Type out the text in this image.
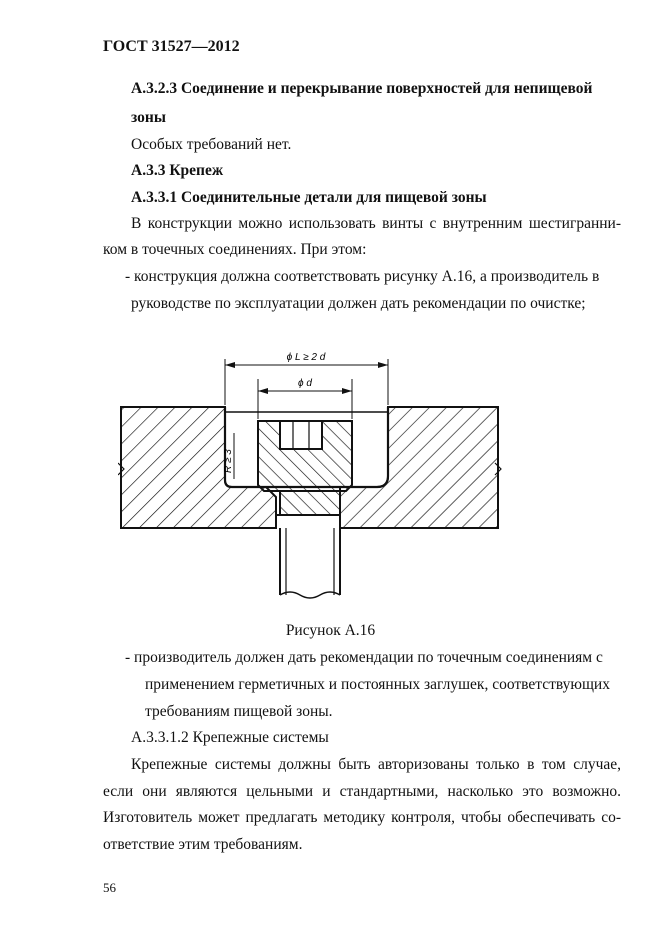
ГОСТ 31527—2012
А.3.2.3 Соединение и перекрывание поверхностей для непищевой
зоны
Особых требований нет.
А.3.3 Крепеж
А.3.3.1 Соединительные детали для пищевой зоны
В конструкции можно использовать винты с внутренним шестигранни-
ком в точечных соединениях. При этом:
- конструкция должна соответствовать рисунку А.16, а производитель в
руководстве по эксплуатации должен дать рекомендации по очистке;
ϕ L ≥ 2 d
ϕ d
R ≥ 3
Рисунок А.16
- производитель должен дать рекомендации по точечным соединениям с
применением герметичных и постоянных заглушек, соответствующих
требованиям пищевой зоны.
А.3.3.1.2 Крепежные системы
Крепежные системы должны быть авторизованы только в том случае,
если они являются цельными и стандартными, насколько это возможно.
Изготовитель может предлагать методику контроля, чтобы обеспечивать со-
ответствие этим требованиям.
56
